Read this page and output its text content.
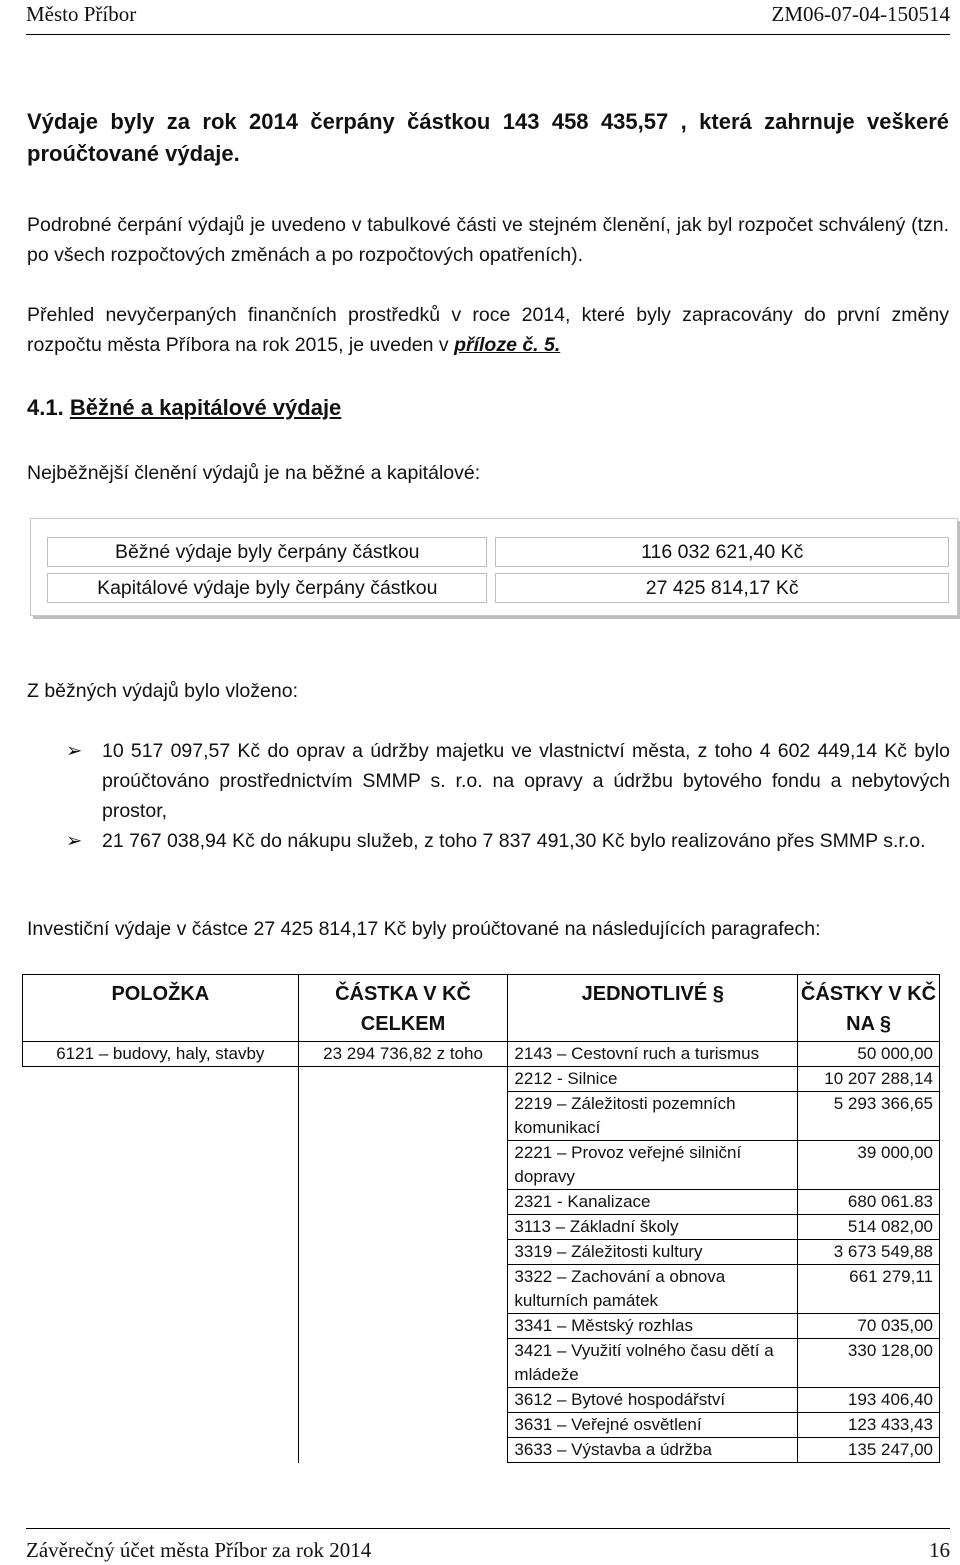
Město Příbor	ZM06-07-04-150514
Výdaje byly za rok 2014 čerpány částkou 143 458 435,57 , která zahrnuje veškeré proúčtované výdaje.
Podrobné čerpání výdajů je uvedeno v tabulkové části ve stejném členění, jak byl rozpočet schválený (tzn. po všech rozpočtových změnách a po rozpočtových opatřeních).
Přehled nevyčerpaných finančních prostředků v roce 2014, které byly zapracovány do první změny rozpočtu města Příbora na rok 2015, je uveden v příloze č. 5.
4.1. Běžné a kapitálové výdaje
Nejběžnější členění výdajů je na běžné a kapitálové:
Běžné výdaje byly čerpány částkou	116 032 621,40 Kč
Kapitálové výdaje byly čerpány částkou	27 425 814,17 Kč
Z běžných výdajů bylo vloženo:
➢ 10 517 097,57 Kč do oprav a údržby majetku ve vlastnictví města, z toho 4 602 449,14 Kč bylo proúčtováno prostřednictvím SMMP s. r.o. na opravy a údržbu bytového fondu a nebytových prostor,
➢ 21 767 038,94 Kč do nákupu služeb, z toho 7 837 491,30 Kč bylo realizováno přes SMMP s.r.o.
Investiční výdaje v částce 27 425 814,17 Kč byly proúčtované na následujících paragrafech:
POLOŽKA	ČÁSTKA V KČ CELKEM	JEDNOTLIVÉ §	ČÁSTKY V KČ NA §
6121 – budovy, haly, stavby	23 294 736,82 z toho	2143 – Cestovní ruch a turismus	50 000,00
		2212 - Silnice	10 207 288,14
		2219 – Záležitosti pozemních komunikací	5 293 366,65
		2221 – Provoz veřejné silniční dopravy	39 000,00
		2321 - Kanalizace	680 061.83
		3113 – Základní školy	514 082,00
		3319 – Záležitosti kultury	3 673 549,88
		3322 – Zachování a obnova kulturních památek	661 279,11
		3341 – Městský rozhlas	70 035,00
		3421 – Využití volného času dětí a mládeže	330 128,00
		3612 – Bytové hospodářství	193 406,40
		3631 – Veřejné osvětlení	123 433,43
		3633 – Výstavba a údržba	135 247,00
Závěrečný účet města Příbor za rok 2014	16
